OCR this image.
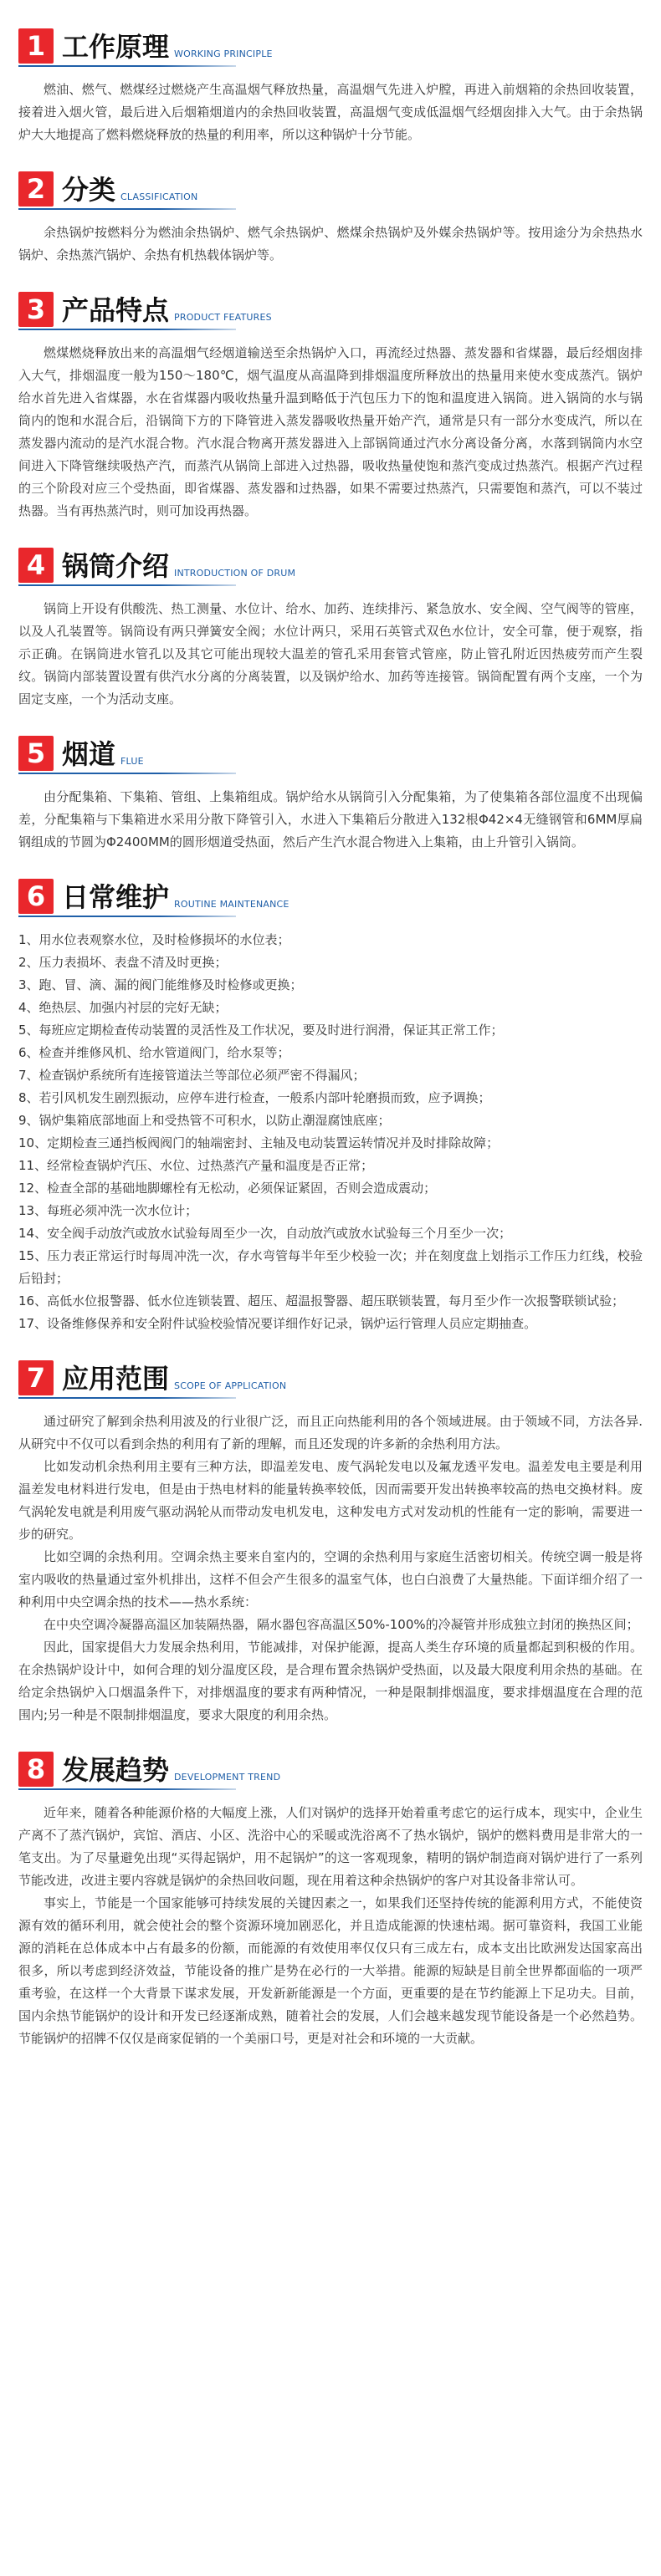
1 工作原理 WORKING PRINCIPLE

燃油、燃气、燃煤经过燃烧产生高温烟气释放热量，高温烟气先进入炉膛，再进入前烟箱的余热回收装置，接着进入烟火管，最后进入后烟箱烟道内的余热回收装置，高温烟气变成低温烟气经烟囱排入大气。由于余热锅炉大大地提高了燃料燃烧释放的热量的利用率，所以这种锅炉十分节能。

2 分类 CLASSIFICATION

余热锅炉按燃料分为燃油余热锅炉、燃气余热锅炉、燃煤余热锅炉及外媒余热锅炉等。按用途分为余热热水锅炉、余热蒸汽锅炉、余热有机热载体锅炉等。

3 产品特点 PRODUCT FEATURES

燃煤燃烧释放出来的高温烟气经烟道输送至余热锅炉入口，再流经过热器、蒸发器和省煤器，最后经烟囱排入大气，排烟温度一般为150～180℃，烟气温度从高温降到排烟温度所释放出的热量用来使水变成蒸汽。锅炉给水首先进入省煤器，水在省煤器内吸收热量升温到略低于汽包压力下的饱和温度进入锅筒。进入锅筒的水与锅筒内的饱和水混合后，沿锅筒下方的下降管进入蒸发器吸收热量开始产汽，通常是只有一部分水变成汽，所以在蒸发器内流动的是汽水混合物。汽水混合物离开蒸发器进入上部锅筒通过汽水分离设备分离，水落到锅筒内水空间进入下降管继续吸热产汽，而蒸汽从锅筒上部进入过热器，吸收热量使饱和蒸汽变成过热蒸汽。根据产汽过程的三个阶段对应三个受热面，即省煤器、蒸发器和过热器，如果不需要过热蒸汽，只需要饱和蒸汽，可以不装过热器。当有再热蒸汽时，则可加设再热器。

4 锅筒介绍 INTRODUCTION OF DRUM

锅筒上开设有供酸洗、热工测量、水位计、给水、加药、连续排污、紧急放水、安全阀、空气阀等的管座，以及人孔装置等。锅筒设有两只弹簧安全阀；水位计两只，采用石英管式双色水位计，安全可靠，便于观察，指示正确。在锅筒进水管孔以及其它可能出现较大温差的管孔采用套管式管座，防止管孔附近因热疲劳而产生裂纹。锅筒内部装置设置有供汽水分离的分离装置，以及锅炉给水、加药等连接管。锅筒配置有两个支座，一个为固定支座，一个为活动支座。

5 烟道 FLUE

由分配集箱、下集箱、管组、上集箱组成。锅炉给水从锅筒引入分配集箱，为了使集箱各部位温度不出现偏差，分配集箱与下集箱进水采用分散下降管引入，水进入下集箱后分散进入132根Φ42×4无缝钢管和6MM厚扁钢组成的节圆为Φ2400MM的圆形烟道受热面，然后产生汽水混合物进入上集箱，由上升管引入锅筒。

6 日常维护 ROUTINE MAINTENANCE

1、用水位表观察水位，及时检修损坏的水位表；

2、压力表损坏、表盘不清及时更换；

3、跑、冒、滴、漏的阀门能维修及时检修或更换；

4、绝热层、加强内衬层的完好无缺；

5、每班应定期检查传动装置的灵活性及工作状况，要及时进行润滑，保证其正常工作；

6、检查并维修风机、给水管道阀门，给水泵等；

7、检查锅炉系统所有连接管道法兰等部位必须严密不得漏风；

8、若引风机发生剧烈振动，应停车进行检查，一般系内部叶轮磨损而致，应予调换；

9、锅炉集箱底部地面上和受热管不可积水，以防止潮湿腐蚀底座；

10、定期检查三通挡板阀阀门的轴端密封、主轴及电动装置运转情况并及时排除故障；

11、经常检查锅炉汽压、水位、过热蒸汽产量和温度是否正常；

12、检查全部的基础地脚螺栓有无松动，必须保证紧固，否则会造成震动；

13、每班必须冲洗一次水位计；

14、安全阀手动放汽或放水试验每周至少一次，自动放汽或放水试验每三个月至少一次；

15、压力表正常运行时每周冲洗一次，存水弯管每半年至少校验一次；并在刻度盘上划指示工作压力红线，校验后铅封；

16、高低水位报警器、低水位连锁装置、超压、超温报警器、超压联锁装置，每月至少作一次报警联锁试验；

17、设备维修保养和安全附件试验校验情况要详细作好记录，锅炉运行管理人员应定期抽查。

7 应用范围 SCOPE OF APPLICATION

通过研究了解到余热利用波及的行业很广泛，而且正向热能利用的各个领域进展。由于领域不同，方法各异. 从研究中不仅可以看到余热的利用有了新的理解，而且还发现的许多新的余热利用方法。

比如发动机余热利用主要有三种方法，即温差发电、废气涡轮发电以及氟龙透平发电。温差发电主要是利用温差发电材料进行发电，但是由于热电材料的能量转换率较低，因而需要开发出转换率较高的热电交换材料。废气涡轮发电就是利用废气驱动涡轮从而带动发电机发电，这种发电方式对发动机的性能有一定的影响，需要进一步的研究。

比如空调的余热利用。空调余热主要来自室内的，空调的余热利用与家庭生活密切相关。传统空调一般是将室内吸收的热量通过室外机排出，这样不但会产生很多的温室气体，也白白浪费了大量热能。下面详细介绍了一种利用中央空调余热的技术——热水系统：

在中央空调冷凝器高温区加装隔热器，隔水器包容高温区50%-100%的冷凝管并形成独立封闭的换热区间；

因此，国家提倡大力发展余热利用，节能减排，对保护能源，提高人类生存环境的质量都起到积极的作用。在余热锅炉设计中，如何合理的划分温度区段，是合理布置余热锅炉受热面，以及最大限度利用余热的基础。在给定余热锅炉入口烟温条件下，对排烟温度的要求有两种情况，一种是限制排烟温度，要求排烟温度在合理的范围内;另一种是不限制排烟温度，要求大限度的利用余热。

8 发展趋势 DEVELOPMENT TREND

近年来，随着各种能源价格的大幅度上涨，人们对锅炉的选择开始着重考虑它的运行成本，现实中，企业生产离不了蒸汽锅炉，宾馆、酒店、小区、洗浴中心的采暖或洗浴离不了热水锅炉，锅炉的燃料费用是非常大的一笔支出。为了尽量避免出现“买得起锅炉，用不起锅炉”的这一客观现象，精明的锅炉制造商对锅炉进行了一系列节能改进，改进主要内容就是锅炉的余热回收问题，现在用着这种余热锅炉的客户对其设备非常认可。

事实上，节能是一个国家能够可持续发展的关键因素之一，如果我们还坚持传统的能源利用方式，不能使资源有效的循环利用，就会使社会的整个资源环境加剧恶化，并且造成能源的快速枯竭。据可靠资料，我国工业能源的消耗在总体成本中占有最多的份额，而能源的有效使用率仅仅只有三成左右，成本支出比欧洲发达国家高出很多，所以考虑到经济效益，节能设备的推广是势在必行的一大举措。能源的短缺是目前全世界都面临的一项严重考验，在这样一个大背景下谋求发展，开发新新能源是一个方面，更重要的是在节约能源上下足功夫。目前，国内余热节能锅炉的设计和开发已经逐渐成熟，随着社会的发展，人们会越来越发现节能设备是一个必然趋势。节能锅炉的招牌不仅仅是商家促销的一个美丽口号，更是对社会和环境的一大贡献。
